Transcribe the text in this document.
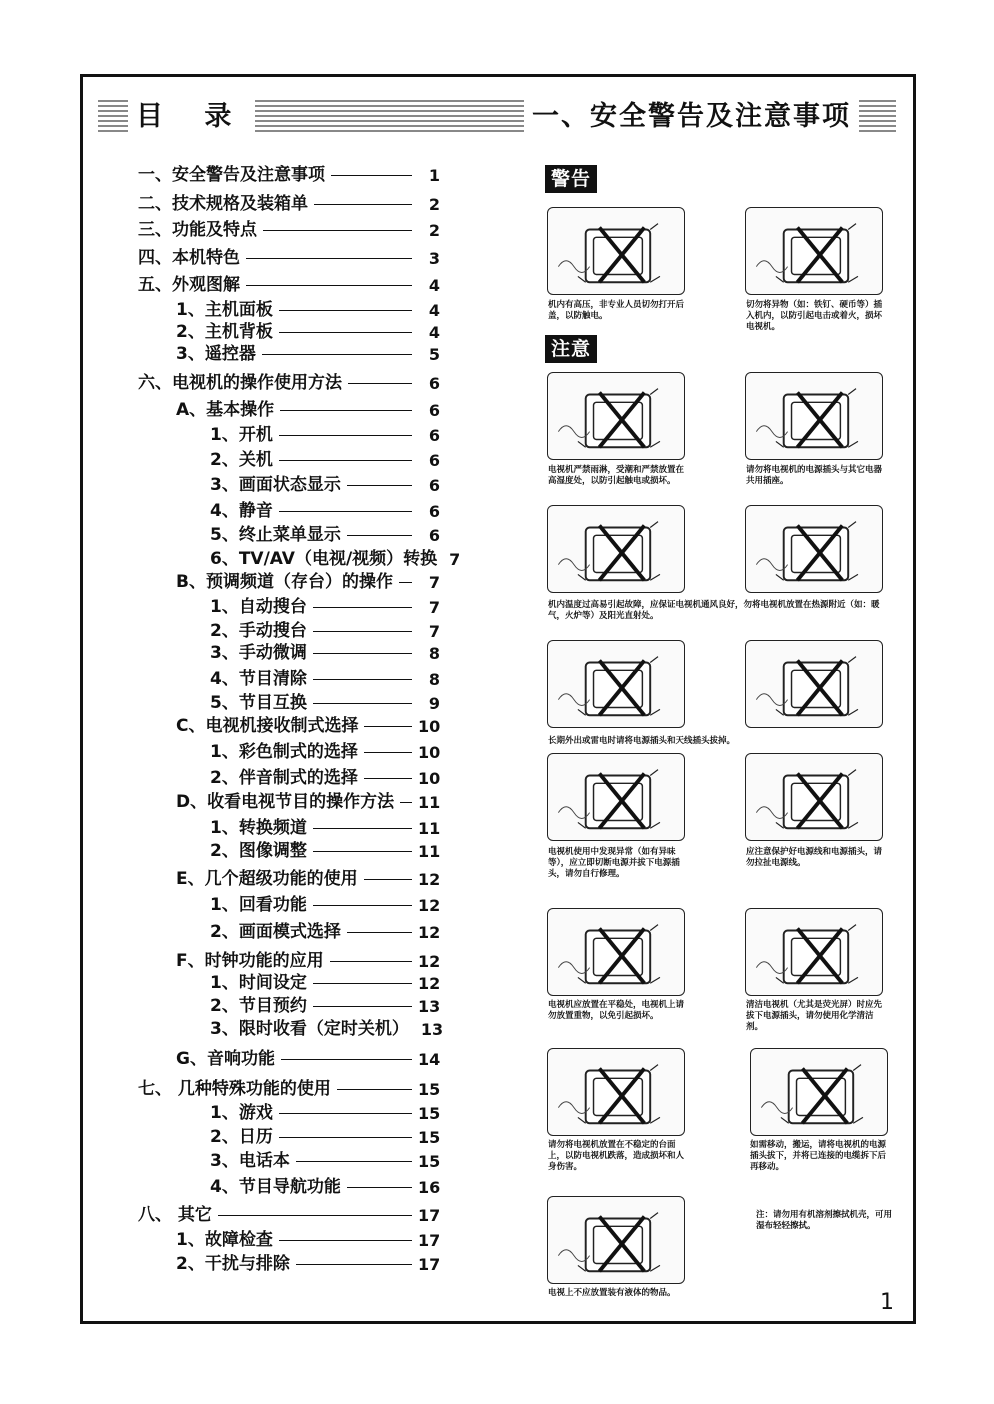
目 录	一、安全警告及注意事项
一、安全警告及注意事项	1
二、技术规格及装箱单	2
三、功能及特点	2
四、本机特色	3
五、外观图解	4
1、主机面板	4
2、主机背板	4
3、遥控器	5
六、电视机的操作使用方法	6
A、基本操作	6
1、开机	6
2、关机	6
3、画面状态显示	6
4、静音	6
5、终止菜单显示	6
6、TV/AV（电视/视频）转换 7
B、预调频道（存台）的操作	7
1、自动搜台	7
2、手动搜台	7
3、手动微调	8
4、节目清除	8
5、节目互换	9
C、电视机接收制式选择	10
1、彩色制式的选择	10
2、伴音制式的选择	10
D、收看电视节目的操作方法 11
1、转换频道	11
2、图像调整	11
E、几个超级功能的使用	12
1、回看功能	12
2、画面模式选择	12
F、时钟功能的应用	12
1、时间设定	12
2、节目预约	13
3、限时收看（定时关机） 13
G、音响功能	14
七、 几种特殊功能的使用	15
1、游戏	15
2、日历	15
3、电话本	15
4、节目导航功能	16
八、 其它	17
1、故障检查	17
2、干扰与排除	17
警告
机内有高压，非专业人员切勿打开后盖，以防触电。
切勿将异物（如：铁钉、硬币等）插入机内，以防引起电击或着火，损坏电视机。
注意
电视机严禁雨淋，受潮和严禁放置在高湿度处，以防引起触电或损坏。
请勿将电视机的电源插头与其它电器共用插座。
机内温度过高易引起故障，应保证电视机通风良好，勿将电视机放置在热源附近（如：暖气，火炉等）及阳光直射处。
长期外出或雷电时请将电源插头和天线插头拔掉。
电视机使用中发现异常（如有异味等），应立即切断电源并拔下电源插头，请勿自行修理。
应注意保护好电源线和电源插头，请勿拉扯电源线。
电视机应放置在平稳处，电视机上请勿放置重物，以免引起损坏。
清洁电视机（尤其是荧光屏）时应先拔下电源插头，请勿使用化学清洁剂。
请勿将电视机放置在不稳定的台面上，以防电视机跌落，造成损坏和人身伤害。
如需移动，搬运，请将电视机的电源插头拔下，并将已连接的电缆拆下后再移动。
注：请勿用有机溶剂擦拭机壳，可用湿布轻轻擦拭。
电视上不应放置装有液体的物品。	1
